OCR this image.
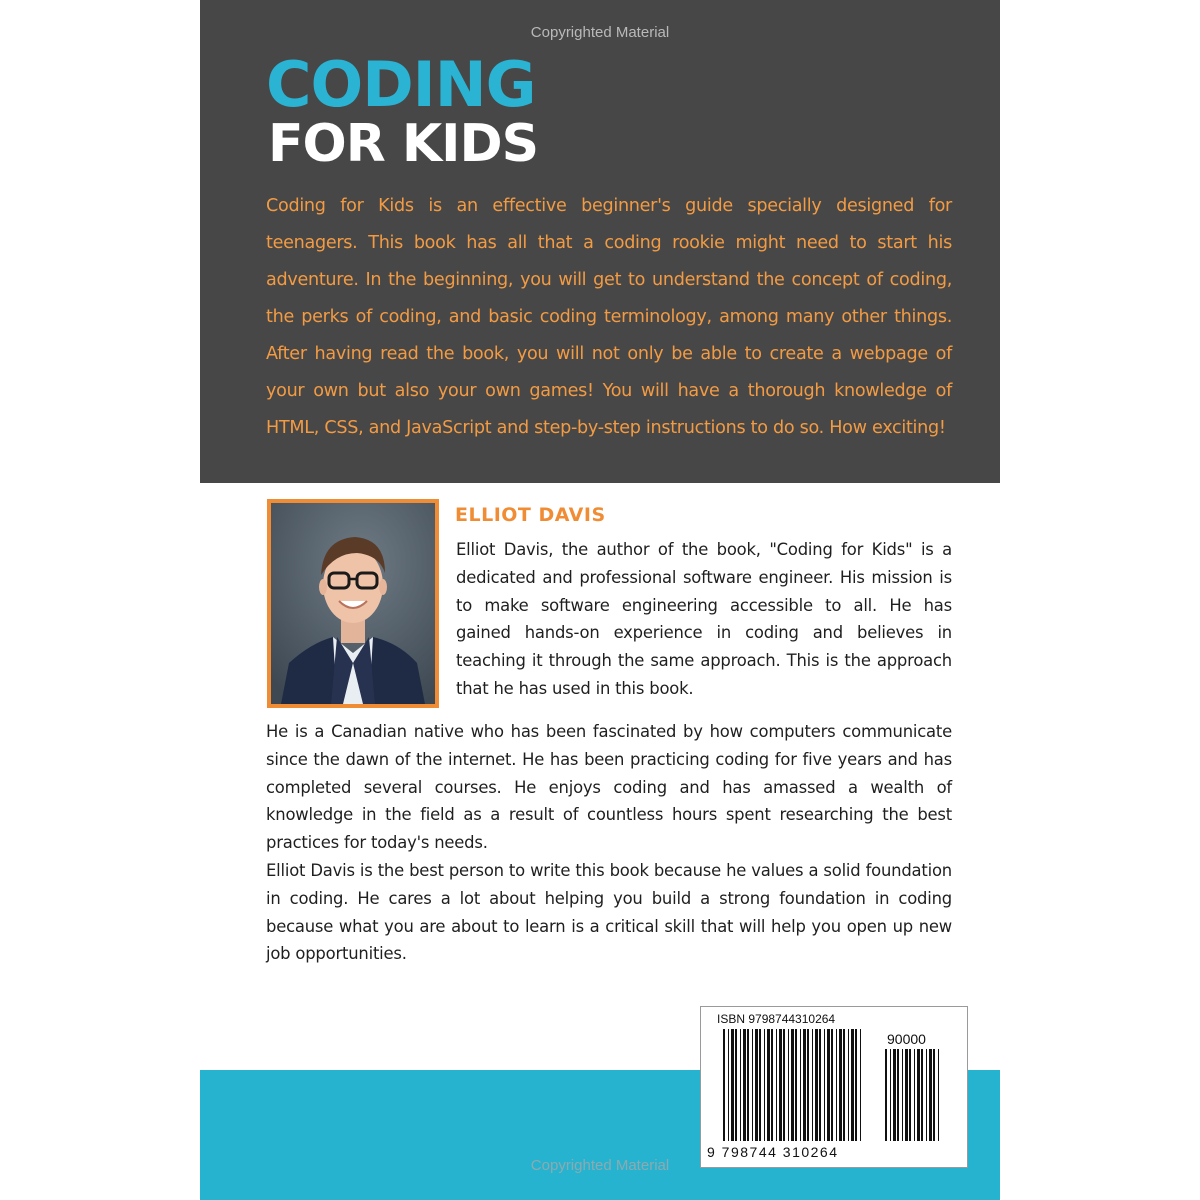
Copyrighted Material
CODING
FOR KIDS
Coding for Kids is an effective beginner's guide specially designed for teenagers. This book has all that a coding rookie might need to start his adventure. In the beginning, you will get to understand the concept of coding, the perks of coding, and basic coding terminology, among many other things. After having read the book, you will not only be able to create a webpage of your own but also your own games! You will have a thorough knowledge of HTML, CSS, and JavaScript and step-by-step instructions to do so. How exciting!
ELLIOT DAVIS
Elliot Davis, the author of the book, "Coding for Kids" is a dedicated and professional software engineer. His mission is to make software engineering accessible to all. He has gained hands-on experience in coding and believes in teaching it through the same approach. This is the approach that he has used in this book.

He is a Canadian native who has been fascinated by how computers communicate since the dawn of the internet. He has been practicing coding for five years and has completed several courses. He enjoys coding and has amassed a wealth of knowledge in the field as a result of countless hours spent researching the best practices for today's needs.

Elliot Davis is the best person to write this book because he values a solid foundation in coding. He cares a lot about helping you build a strong foundation in coding because what you are about to learn is a critical skill that will help you open up new job opportunities.

ISBN 9798744310264
90000
9 798744 310264
Copyrighted Material
